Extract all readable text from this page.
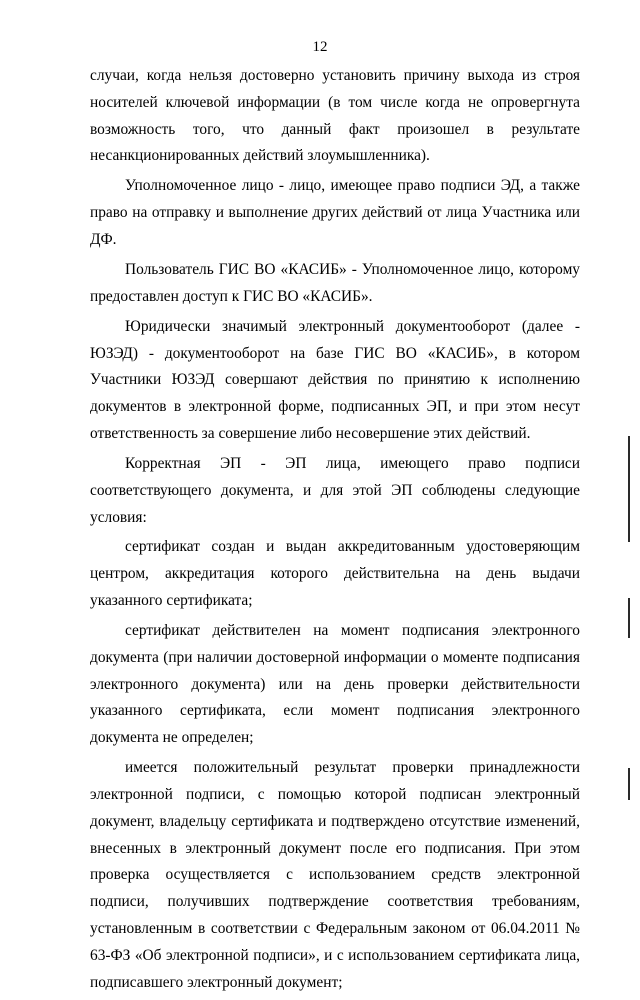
12

случаи, когда нельзя достоверно установить причину выхода из строя носителей ключевой информации (в том числе когда не опровергнута возможность того, что данный факт произошел в результате несанкционированных действий злоумышленника).

Уполномоченное лицо - лицо, имеющее право подписи ЭД, а также право на отправку и выполнение других действий от лица Участника или ДФ.

Пользователь ГИС ВО «КАСИБ» - Уполномоченное лицо, которому предоставлен доступ к ГИС ВО «КАСИБ».

Юридически значимый электронный документооборот (далее - ЮЗЭД) - документооборот на базе ГИС ВО «КАСИБ», в котором Участники ЮЗЭД совершают действия по принятию к исполнению документов в электронной форме, подписанных ЭП, и при этом несут ответственность за совершение либо несовершение этих действий.

Корректная ЭП - ЭП лица, имеющего право подписи соответствующего документа, и для этой ЭП соблюдены следующие условия:

сертификат создан и выдан аккредитованным удостоверяющим центром, аккредитация которого действительна на день выдачи указанного сертификата;

сертификат действителен на момент подписания электронного документа (при наличии достоверной информации о моменте подписания электронного документа) или на день проверки действительности указанного сертификата, если момент подписания электронного документа не определен;

имеется положительный результат проверки принадлежности электронной подписи, с помощью которой подписан электронный документ, владельцу сертификата и подтверждено отсутствие изменений, внесенных в электронный документ после его подписания. При этом проверка осуществляется с использованием средств электронной подписи, получивших подтверждение соответствия требованиям, установленным в соответствии с Федеральным законом от 06.04.2011 № 63-ФЗ «Об электронной подписи», и с использованием сертификата лица, подписавшего электронный документ;
